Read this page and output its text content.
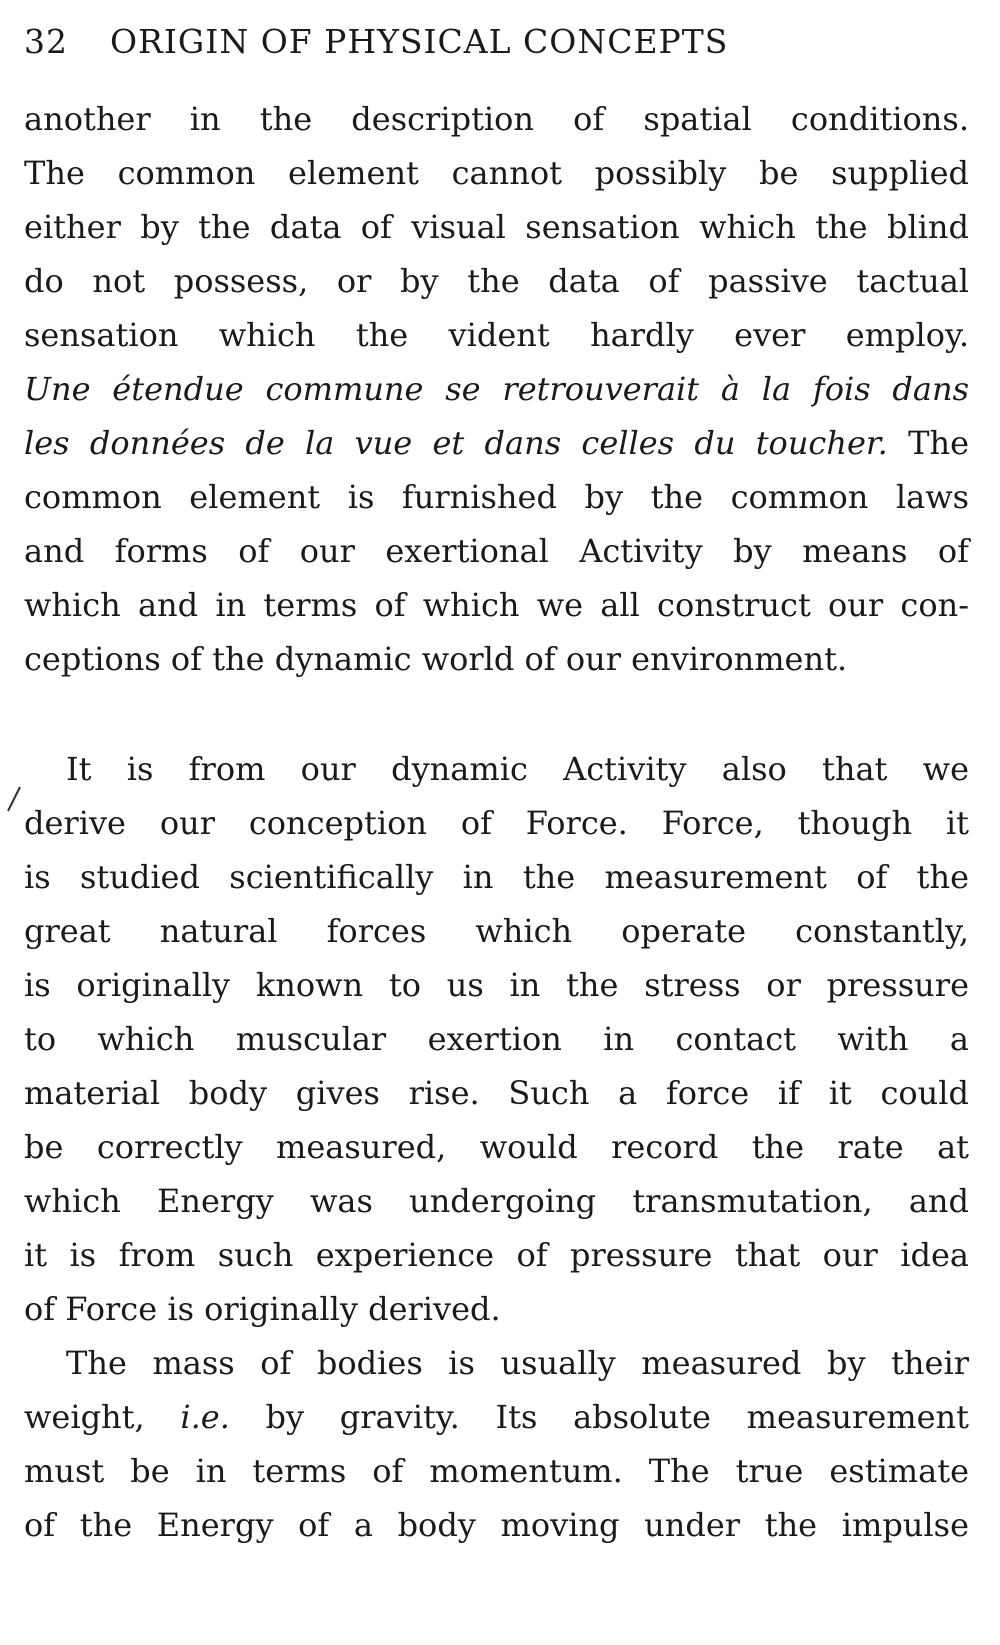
32 ORIGIN OF PHYSICAL CONCEPTS
another in the description of spatial conditions.
The common element cannot possibly be supplied
either by the data of visual sensation which the blind
do not possess, or by the data of passive tactual
sensation which the vident hardly ever employ.
Une étendue commune se retrouverait à la fois dans
les données de la vue et dans celles du toucher. The
common element is furnished by the common laws
and forms of our exertional Activity by means of
which and in terms of which we all construct our con-
ceptions of the dynamic world of our environment.
It is from our dynamic Activity also that we
derive our conception of Force. Force, though it
is studied scientifically in the measurement of the
great natural forces which operate constantly,
is originally known to us in the stress or pressure
to which muscular exertion in contact with a
material body gives rise. Such a force if it could
be correctly measured, would record the rate at
which Energy was undergoing transmutation, and
it is from such experience of pressure that our idea
of Force is originally derived.
The mass of bodies is usually measured by their
weight, i.e. by gravity. Its absolute measurement
must be in terms of momentum. The true estimate
of the Energy of a body moving under the impulse
